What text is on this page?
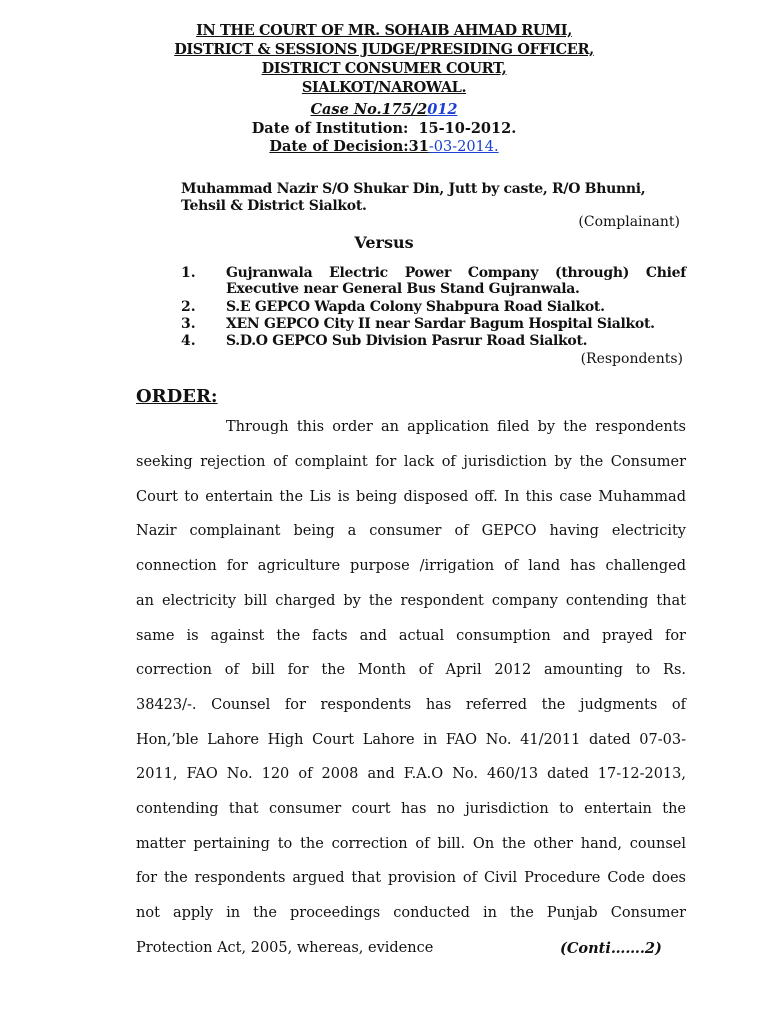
IN THE COURT OF MR. SOHAIB AHMAD RUMI,
DISTRICT & SESSIONS JUDGE/PRESIDING OFFICER,
DISTRICT CONSUMER COURT,
SIALKOT/NAROWAL.
Case No.175/2012
Date of Institution: 15-10-2012.
Date of Decision:31-03-2014.
Muhammad Nazir S/O Shukar Din, Jutt by caste, R/O Bhunni,
Tehsil & District Sialkot.
(Complainant)
Versus
1. Gujranwala Electric Power Company (through) Chief
Executive near General Bus Stand Gujranwala.
2. S.E GEPCO Wapda Colony Shabpura Road Sialkot.
3. XEN GEPCO City II near Sardar Bagum Hospital Sialkot.
4. S.D.O GEPCO Sub Division Pasrur Road Sialkot.
(Respondents)
ORDER:
Through this order an application filed by the respondents
seeking rejection of complaint for lack of jurisdiction by the Consumer
Court to entertain the Lis is being disposed off. In this case Muhammad
Nazir complainant being a consumer of GEPCO having electricity
connection for agriculture purpose /irrigation of land has challenged
an electricity bill charged by the respondent company contending that
same is against the facts and actual consumption and prayed for
correction of bill for the Month of April 2012 amounting to Rs.
38423/-. Counsel for respondents has referred the judgments of
Hon,’ble Lahore High Court Lahore in FAO No. 41/2011 dated 07-03-
2011, FAO No. 120 of 2008 and F.A.O No. 460/13 dated 17-12-2013,
contending that consumer court has no jurisdiction to entertain the
matter pertaining to the correction of bill. On the other hand, counsel
for the respondents argued that provision of Civil Procedure Code does
not apply in the proceedings conducted in the Punjab Consumer
Protection Act, 2005, whereas, evidence	(Conti…….2)
